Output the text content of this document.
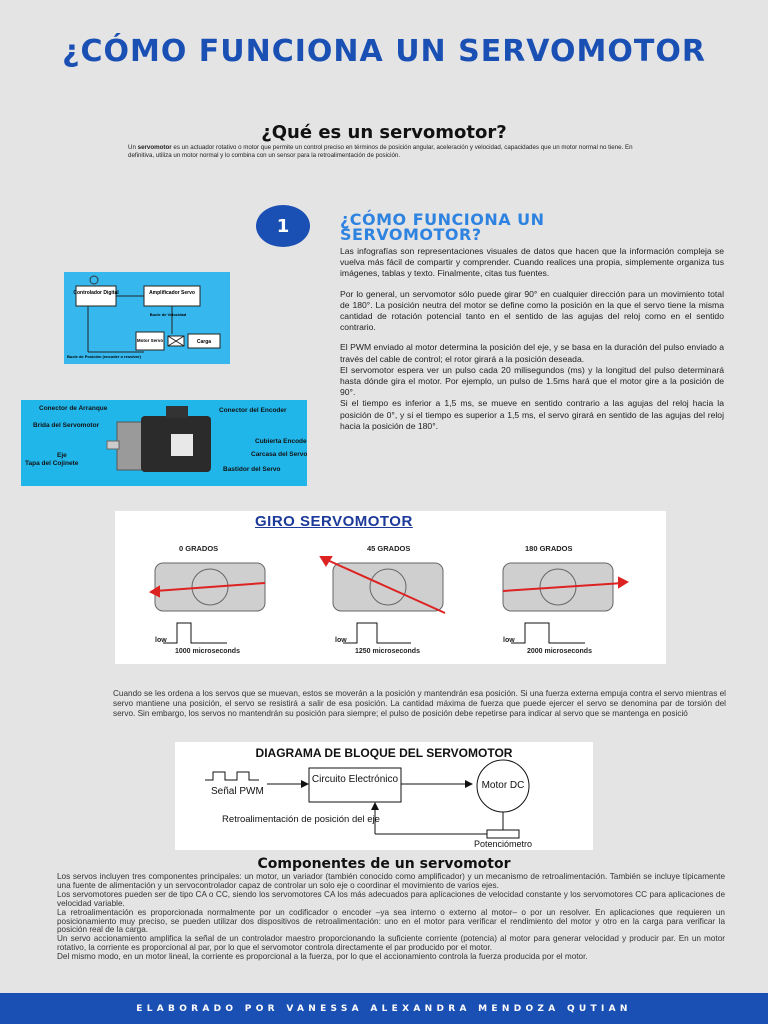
¿CÓMO FUNCIONA UN SERVOMOTOR
¿Qué es un servomotor?
Un servomotor es un actuador rotativo o motor que permite un control preciso en términos de posición angular, aceleración y velocidad, capacidades que un motor normal no tiene. En definitiva, utiliza un motor normal y lo combina con un sensor para la retroalimentación de posición.
1	¿CÓMO FUNCIONA UN SERVOMOTOR?

Las infografías son representaciones visuales de datos que hacen que la información compleja se vuelva más fácil de compartir y comprender. Cuando realices una propia, simplemente organiza tus imágenes, tablas y texto. Finalmente, citas tus fuentes.

Por lo general, un servomotor sólo puede girar 90° en cualquier dirección para un movimiento total de 180°. La posición neutra del motor se define como la posición en la que el servo tiene la misma cantidad de rotación potencial tanto en el sentido de las agujas del reloj como en el sentido contrario.

El PWM enviado al motor determina la posición del eje, y se basa en la duración del pulso enviado a través del cable de control; el rotor girará a la posición deseada.

El servomotor espera ver un pulso cada 20 milisegundos (ms) y la longitud del pulso determinará hasta dónde gira el motor. Por ejemplo, un pulso de 1.5ms hará que el motor gire a la posición de 90°.

Si el tiempo es inferior a 1,5 ms, se mueve en sentido contrario a las agujas del reloj hacia la posición de 0°, y si el tiempo es superior a 1,5 ms, el servo girará en sentido de las agujas del reloj hacia la posición de 180°.

Controlador Digital	Amplificador Servo
Bucle de Velocidad
Motor Servo	Carga
Bucle de Posición (encoder o resolver)
Conector de Arranque
Brida del Servomotor
Eje
Tapa del Cojinete
Conector del Encoder
Cubierta Encoder
Carcasa del Servo
Bastidor del Servo
GIRO SERVOMOTOR
0 GRADOS	45 GRADOS	180 GRADOS
low	low	low
1000 microseconds	1250 microseconds	2000 microseconds
Cuando se les ordena a los servos que se muevan, estos se moverán a la posición y mantendrán esa posición. Si una fuerza externa empuja contra el servo mientras el servo mantiene una posición, el servo se resistirá a salir de esa posición. La cantidad máxima de fuerza que puede ejercer el servo se denomina par de torsión del servo. Sin embargo, los servos no mantendrán su posición para siempre; el pulso de posición debe repetirse para indicar al servo que se mantenga en posició
DIAGRAMA DE BLOQUE DEL SERVOMOTOR
Señal PWM
Circuito Electrónico
Motor DC
Potenciómetro
Retroalimentación de posición del eje
Componentes de un servomotor

Los servos incluyen tres componentes principales: un motor, un variador (también conocido como amplificador) y un mecanismo de retroalimentación. También se incluye típicamente una fuente de alimentación y un servocontrolador capaz de controlar un solo eje o coordinar el movimiento de varios ejes.

Los servomotores pueden ser de tipo CA o CC, siendo los servomotores CA los más adecuados para aplicaciones de velocidad constante y los servomotores CC para aplicaciones de velocidad variable.

La retroalimentación es proporcionada normalmente por un codificador o encoder –ya sea interno o externo al motor– o por un resolver. En aplicaciones que requieren un posicionamiento muy preciso, se pueden utilizar dos dispositivos de retroalimentación: uno en el motor para verificar el rendimiento del motor y otro en la carga para verificar la posición real de la carga.

Un servo accionamiento amplifica la señal de un controlador maestro proporcionando la suficiente corriente (potencia) al motor para generar velocidad y producir par. En un motor rotativo, la corriente es proporcional al par, por lo que el servomotor controla directamente el par producido por el motor.

Del mismo modo, en un motor lineal, la corriente es proporcional a la fuerza, por lo que el accionamiento controla la fuerza producida por el motor.

ELABORADO POR VANESSA ALEXANDRA MENDOZA QUTIAN
